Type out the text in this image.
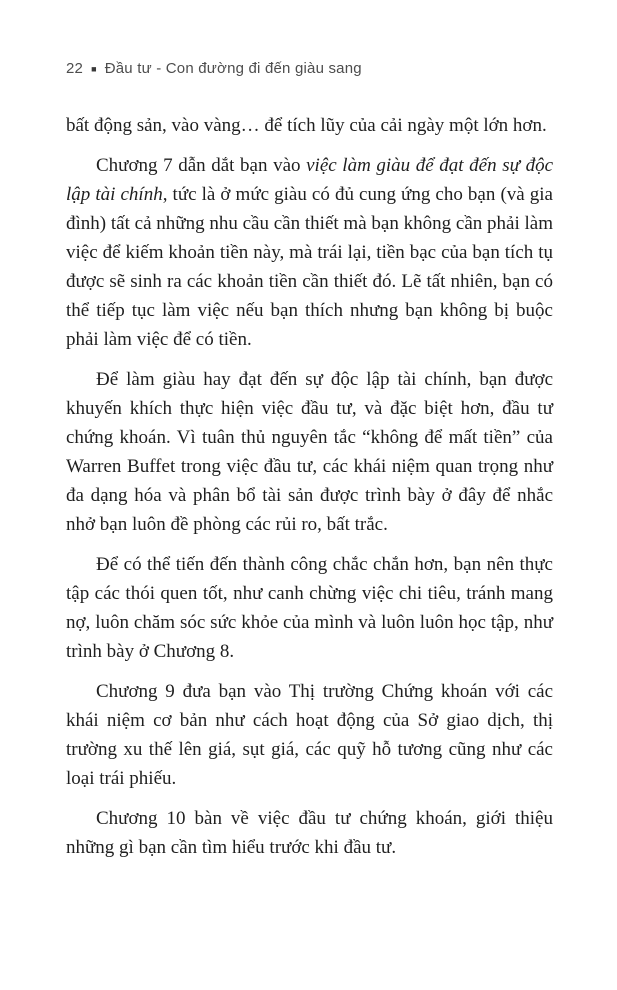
22 ■ Đầu tư - Con đường đi đến giàu sang

bất động sản, vào vàng… để tích lũy của cải ngày một lớn hơn.

Chương 7 dẫn dắt bạn vào việc làm giàu để đạt đến sự độc lập tài chính, tức là ở mức giàu có đủ cung ứng cho bạn (và gia đình) tất cả những nhu cầu cần thiết mà bạn không cần phải làm việc để kiếm khoản tiền này, mà trái lại, tiền bạc của bạn tích tụ được sẽ sinh ra các khoản tiền cần thiết đó. Lẽ tất nhiên, bạn có thể tiếp tục làm việc nếu bạn thích nhưng bạn không bị buộc phải làm việc để có tiền.

Để làm giàu hay đạt đến sự độc lập tài chính, bạn được khuyến khích thực hiện việc đầu tư, và đặc biệt hơn, đầu tư chứng khoán. Vì tuân thủ nguyên tắc “không để mất tiền” của Warren Buffet trong việc đầu tư, các khái niệm quan trọng như đa dạng hóa và phân bổ tài sản được trình bày ở đây để nhắc nhở bạn luôn đề phòng các rủi ro, bất trắc.

Để có thể tiến đến thành công chắc chắn hơn, bạn nên thực tập các thói quen tốt, như canh chừng việc chi tiêu, tránh mang nợ, luôn chăm sóc sức khỏe của mình và luôn luôn học tập, như trình bày ở Chương 8.

Chương 9 đưa bạn vào Thị trường Chứng khoán với các khái niệm cơ bản như cách hoạt động của Sở giao dịch, thị trường xu thế lên giá, sụt giá, các quỹ hỗ tương cũng như các loại trái phiếu.

Chương 10 bàn về việc đầu tư chứng khoán, giới thiệu những gì bạn cần tìm hiểu trước khi đầu tư.
